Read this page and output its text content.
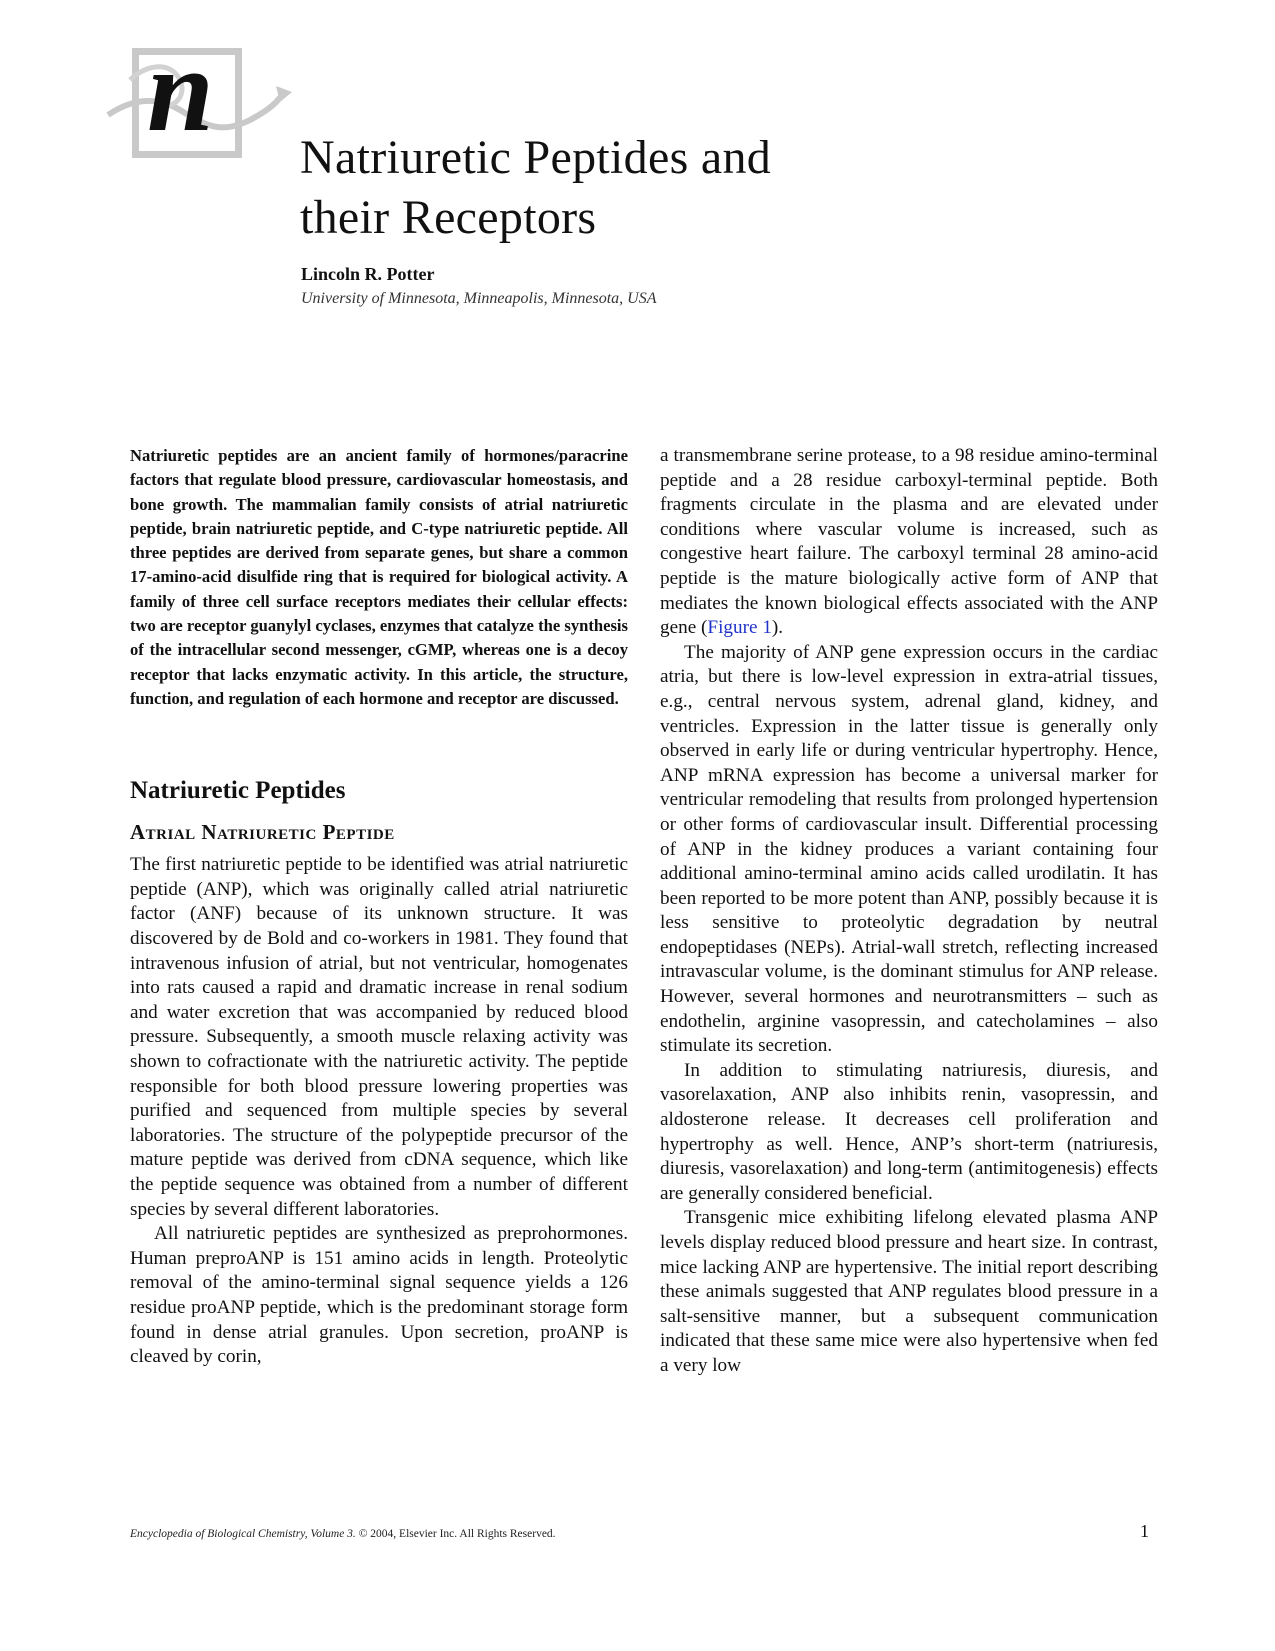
n
Natriuretic Peptides and
their Receptors
Lincoln R. Potter
University of Minnesota, Minneapolis, Minnesota, USA

Natriuretic peptides are an ancient family of hormones/paracrine factors that regulate blood pressure, cardiovascular homeostasis, and bone growth. The mammalian family consists of atrial natriuretic peptide, brain natriuretic peptide, and C-type natriuretic peptide. All three peptides are derived from separate genes, but share a common 17-amino-acid disulfide ring that is required for biological activity. A family of three cell surface receptors mediates their cellular effects: two are receptor guanylyl cyclases, enzymes that catalyze the synthesis of the intracellular second messenger, cGMP, whereas one is a decoy receptor that lacks enzymatic activity. In this article, the structure, function, and regulation of each hormone and receptor are discussed.

Natriuretic Peptides
Atrial Natriuretic Peptide

The first natriuretic peptide to be identified was atrial natriuretic peptide (ANP), which was originally called atrial natriuretic factor (ANF) because of its unknown structure. It was discovered by de Bold and co-workers in 1981. They found that intravenous infusion of atrial, but not ventricular, homogenates into rats caused a rapid and dramatic increase in renal sodium and water excretion that was accompanied by reduced blood pressure. Subsequently, a smooth muscle relaxing activity was shown to cofractionate with the natriuretic activity. The peptide responsible for both blood pressure lowering properties was purified and sequenced from multiple species by several laboratories. The structure of the polypeptide precursor of the mature peptide was derived from cDNA sequence, which like the peptide sequence was obtained from a number of different species by several different laboratories.

All natriuretic peptides are synthesized as preprohormones. Human preproANP is 151 amino acids in length. Proteolytic removal of the amino-terminal signal sequence yields a 126 residue proANP peptide, which is the predominant storage form found in dense atrial granules. Upon secretion, proANP is cleaved by corin,

a transmembrane serine protease, to a 98 residue amino-terminal peptide and a 28 residue carboxyl-terminal peptide. Both fragments circulate in the plasma and are elevated under conditions where vascular volume is increased, such as congestive heart failure. The carboxyl terminal 28 amino-acid peptide is the mature biologically active form of ANP that mediates the known biological effects associated with the ANP gene (Figure 1).

The majority of ANP gene expression occurs in the cardiac atria, but there is low-level expression in extra-atrial tissues, e.g., central nervous system, adrenal gland, kidney, and ventricles. Expression in the latter tissue is generally only observed in early life or during ventricular hypertrophy. Hence, ANP mRNA expression has become a universal marker for ventricular remodeling that results from prolonged hypertension or other forms of cardiovascular insult. Differential processing of ANP in the kidney produces a variant containing four additional amino-terminal amino acids called urodilatin. It has been reported to be more potent than ANP, possibly because it is less sensitive to proteolytic degradation by neutral endopeptidases (NEPs). Atrial-wall stretch, reflecting increased intravascular volume, is the dominant stimulus for ANP release. However, several hormones and neurotransmitters – such as endothelin, arginine vasopressin, and catecholamines – also stimulate its secretion.

In addition to stimulating natriuresis, diuresis, and vasorelaxation, ANP also inhibits renin, vasopressin, and aldosterone release. It decreases cell proliferation and hypertrophy as well. Hence, ANP’s short-term (natriuresis, diuresis, vasorelaxation) and long-term (antimitogenesis) effects are generally considered beneficial.

Transgenic mice exhibiting lifelong elevated plasma ANP levels display reduced blood pressure and heart size. In contrast, mice lacking ANP are hypertensive. The initial report describing these animals suggested that ANP regulates blood pressure in a salt-sensitive manner, but a subsequent communication indicated that these same mice were also hypertensive when fed a very low

Encyclopedia of Biological Chemistry, Volume 3. © 2004, Elsevier Inc. All Rights Reserved.	1
